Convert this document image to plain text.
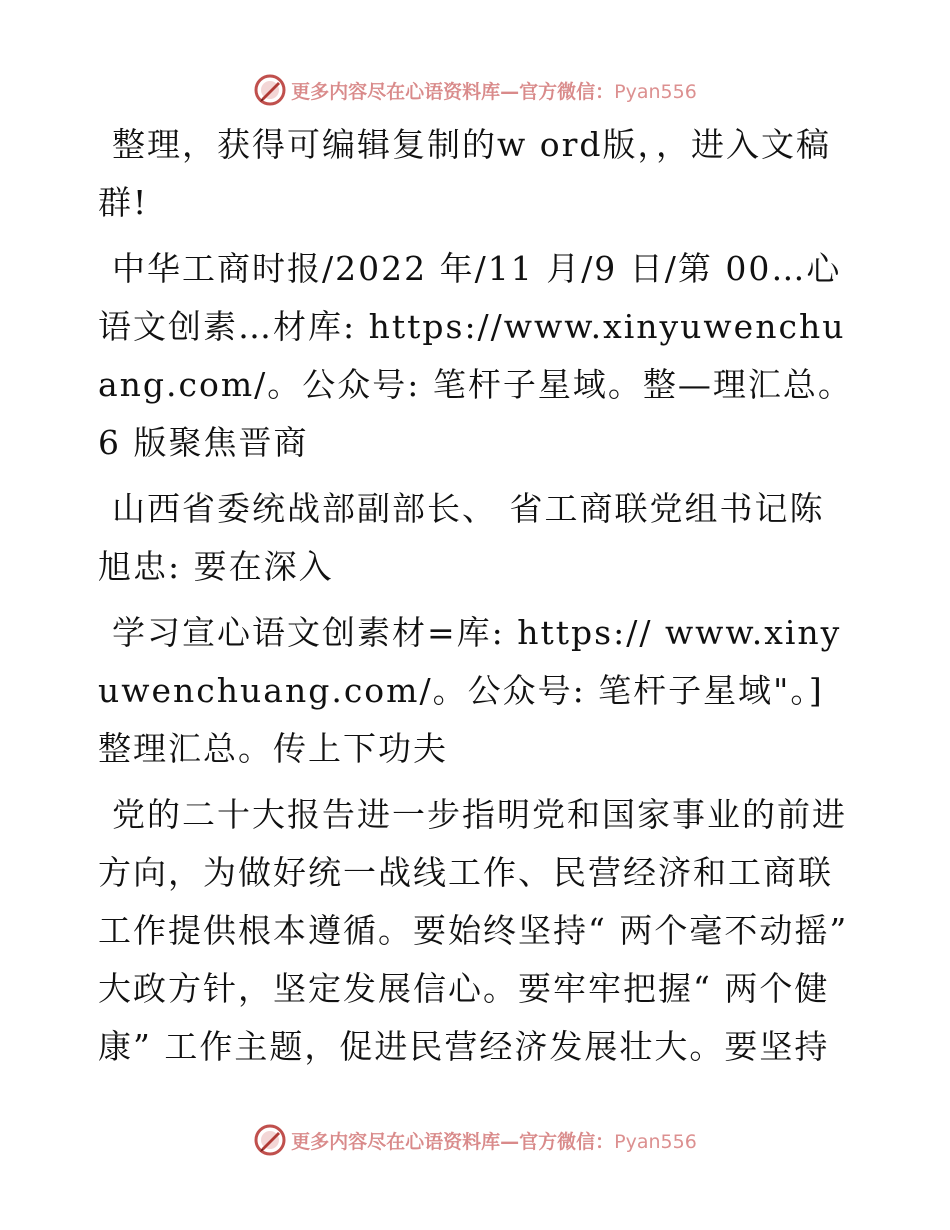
更多内容尽在心语资料库—官方微信：Pyan556

整理，获得可编辑复制的w ord版，，进入文稿群!

中华工商时报/2022 年/11 月/9 日/第 00…心语文创素…材库: https://www.xinyuwenchuang.com/。公众号: 笔杆子星域。整—理汇总。6 版聚焦晋商

山西省委统战部副部长、 省工商联党组书记陈旭忠: 要在深入

学习宣心语文创素材=库: https:// www.xinyuwenchuang.com/。公众号: 笔杆子星域"。]整理汇总。传上下功夫

党的二十大报告进一步指明党和国家事业的前进方向，为做好统一战线工作、民营经济和工商联工作提供根本遵循。要始终坚持“ 两个毫不动摇” 大政方针，坚定发展信心。要牢牢把握“ 两个健康” 工作主题，促进民营经济发展壮大。要坚持

更多内容尽在心语资料库—官方微信：Pyan556
